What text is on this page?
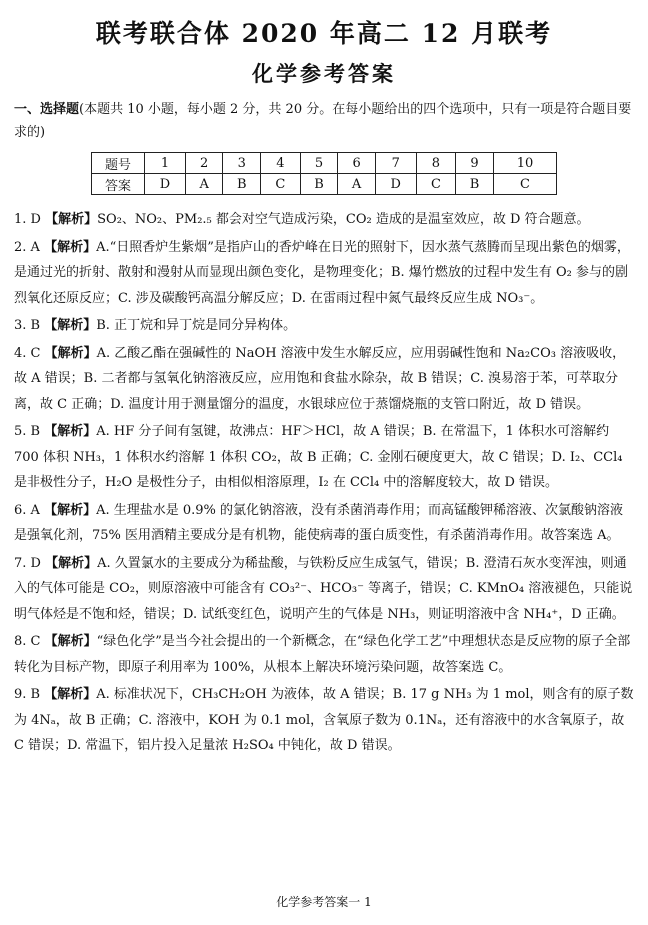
联考联合体 2020 年高二 12 月联考
化学参考答案
一、选择题(本题共 10 小题，每小题 2 分，共 20 分。在每小题给出的四个选项中，只有一项是符合题目要求的)
题号	1	2	3	4	5	6	7	8	9	10
答案	D	A	B	C	B	A	D	C	B	C

1. D 【解析】SO₂、NO₂、PM₂.₅ 都会对空气造成污染，CO₂ 造成的是温室效应，故 D 符合题意。

2. A 【解析】A.“日照香炉生紫烟”是指庐山的香炉峰在日光的照射下，因水蒸气蒸腾而呈现出紫色的烟雾，是通过光的折射、散射和漫射从而显现出颜色变化，是物理变化；B. 爆竹燃放的过程中发生有 O₂ 参与的剧烈氧化还原反应；C. 涉及碳酸钙高温分解反应；D. 在雷雨过程中氮气最终反应生成 NO₃⁻。

3. B 【解析】B. 正丁烷和异丁烷是同分异构体。

4. C 【解析】A. 乙酸乙酯在强碱性的 NaOH 溶液中发生水解反应，应用弱碱性饱和 Na₂CO₃ 溶液吸收，故 A 错误；B. 二者都与氢氧化钠溶液反应，应用饱和食盐水除杂，故 B 错误；C. 溴易溶于苯，可萃取分离，故 C 正确；D. 温度计用于测量馏分的温度，水银球应位于蒸馏烧瓶的支管口附近，故 D 错误。

5. B 【解析】A. HF 分子间有氢键，故沸点：HF＞HCl，故 A 错误；B. 在常温下，1 体积水可溶解约 700 体积 NH₃，1 体积水约溶解 1 体积 CO₂，故 B 正确；C. 金刚石硬度更大，故 C 错误；D. I₂、CCl₄ 是非极性分子，H₂O 是极性分子，由相似相溶原理，I₂ 在 CCl₄ 中的溶解度较大，故 D 错误。

6. A 【解析】A. 生理盐水是 0.9% 的氯化钠溶液，没有杀菌消毒作用；而高锰酸钾稀溶液、次氯酸钠溶液是强氧化剂，75% 医用酒精主要成分是有机物，能使病毒的蛋白质变性，有杀菌消毒作用。故答案选 A。

7. D 【解析】A. 久置氯水的主要成分为稀盐酸，与铁粉反应生成氢气，错误；B. 澄清石灰水变浑浊，则通入的气体可能是 CO₂，则原溶液中可能含有 CO₃²⁻、HCO₃⁻ 等离子，错误；C. KMnO₄ 溶液褪色，只能说明气体烃是不饱和烃，错误；D. 试纸变红色，说明产生的气体是 NH₃，则证明溶液中含 NH₄⁺，D 正确。

8. C 【解析】“绿色化学”是当今社会提出的一个新概念，在“绿色化学工艺”中理想状态是反应物的原子全部转化为目标产物，即原子利用率为 100%，从根本上解决环境污染问题，故答案选 C。

9. B 【解析】A. 标准状况下，CH₃CH₂OH 为液体，故 A 错误；B. 17 g NH₃ 为 1 mol，则含有的原子数为 4Nₐ，故 B 正确；C. 溶液中，KOH 为 0.1 mol，含氧原子数为 0.1Nₐ，还有溶液中的水含氧原子，故 C 错误；D. 常温下，铝片投入足量浓 H₂SO₄ 中钝化，故 D 错误。

化学参考答案一 1
